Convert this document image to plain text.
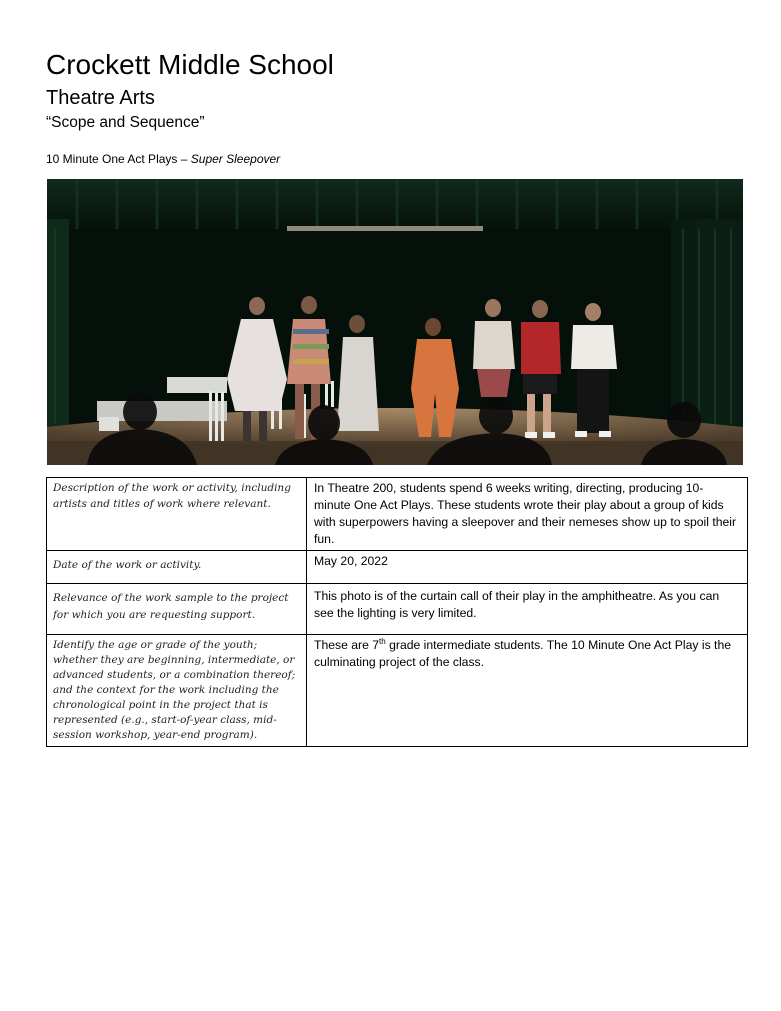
Crockett Middle School
Theatre Arts
“Scope and Sequence”
10 Minute One Act Plays – Super Sleepover
Description of the work or activity, including artists and titles of work where relevant.	In Theatre 200, students spend 6 weeks writing, directing, producing 10-minute One Act Plays. These students wrote their play about a group of kids with superpowers having a sleepover and their nemeses show up to spoil their fun.
Date of the work or activity.	May 20, 2022
Relevance of the work sample to the project for which you are requesting support.	This photo is of the curtain call of their play in the amphitheatre. As you can see the lighting is very limited.
Identify the age or grade of the youth; whether they are beginning, intermediate, or advanced students, or a combination thereof; and the context for the work including the chronological point in the project that is represented (e.g., start-of-year class, mid-session workshop, year-end program).	These are 7th grade intermediate students. The 10 Minute One Act Play is the culminating project of the class.
